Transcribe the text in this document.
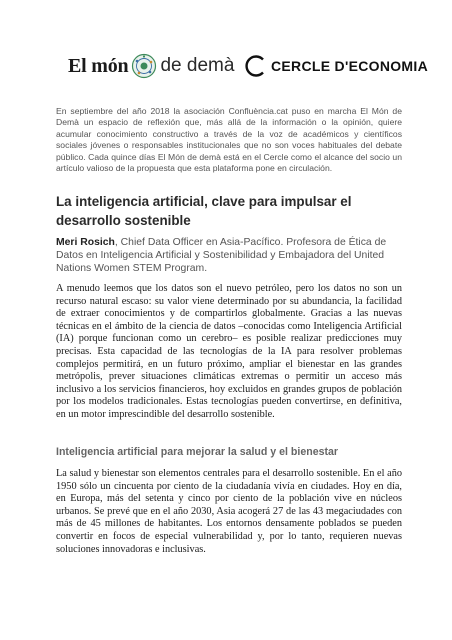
El món de demà	CERCLE D'ECONOMIA

En septiembre del año 2018 la asociación Confluència.cat puso en marcha El Món de Demà un espacio de reflexión que, más allá de la información o la opinión, quiere acumular conocimiento constructivo a través de la voz de académicos y científicos sociales jóvenes o responsables institucionales que no son voces habituales del debate público. Cada quince días El Món de demà está en el Cercle como el alcance del socio un artículo valioso de la propuesta que esta plataforma pone en circulación.

La inteligencia artificial, clave para impulsar el desarrollo sostenible

Meri Rosich, Chief Data Officer en Asia-Pacífico. Profesora de Ética de Datos en Inteligencia Artificial y Sostenibilidad y Embajadora del United Nations Women STEM Program.

A menudo leemos que los datos son el nuevo petróleo, pero los datos no son un recurso natural escaso: su valor viene determinado por su abundancia, la facilidad de extraer conocimientos y de compartirlos globalmente. Gracias a las nuevas técnicas en el ámbito de la ciencia de datos –conocidas como Inteligencia Artificial (IA) porque funcionan como un cerebro– es posible realizar predicciones muy precisas. Esta capacidad de las tecnologías de la IA para resolver problemas complejos permitirá, en un futuro próximo, ampliar el bienestar en las grandes metrópolis, prever situaciones climáticas extremas o permitir un acceso más inclusivo a los servicios financieros, hoy excluidos en grandes grupos de población por los modelos tradicionales. Estas tecnologías pueden convertirse, en definitiva, en un motor imprescindible del desarrollo sostenible.

Inteligencia artificial para mejorar la salud y el bienestar

La salud y bienestar son elementos centrales para el desarrollo sostenible. En el año 1950 sólo un cincuenta por ciento de la ciudadanía vivía en ciudades. Hoy en día, en Europa, más del setenta y cinco por ciento de la población vive en núcleos urbanos. Se prevé que en el año 2030, Asia acogerá 27 de las 43 megaciudades con más de 45 millones de habitantes. Los entornos densamente poblados se pueden convertir en focos de especial vulnerabilidad y, por lo tanto, requieren nuevas soluciones innovadoras e inclusivas.
